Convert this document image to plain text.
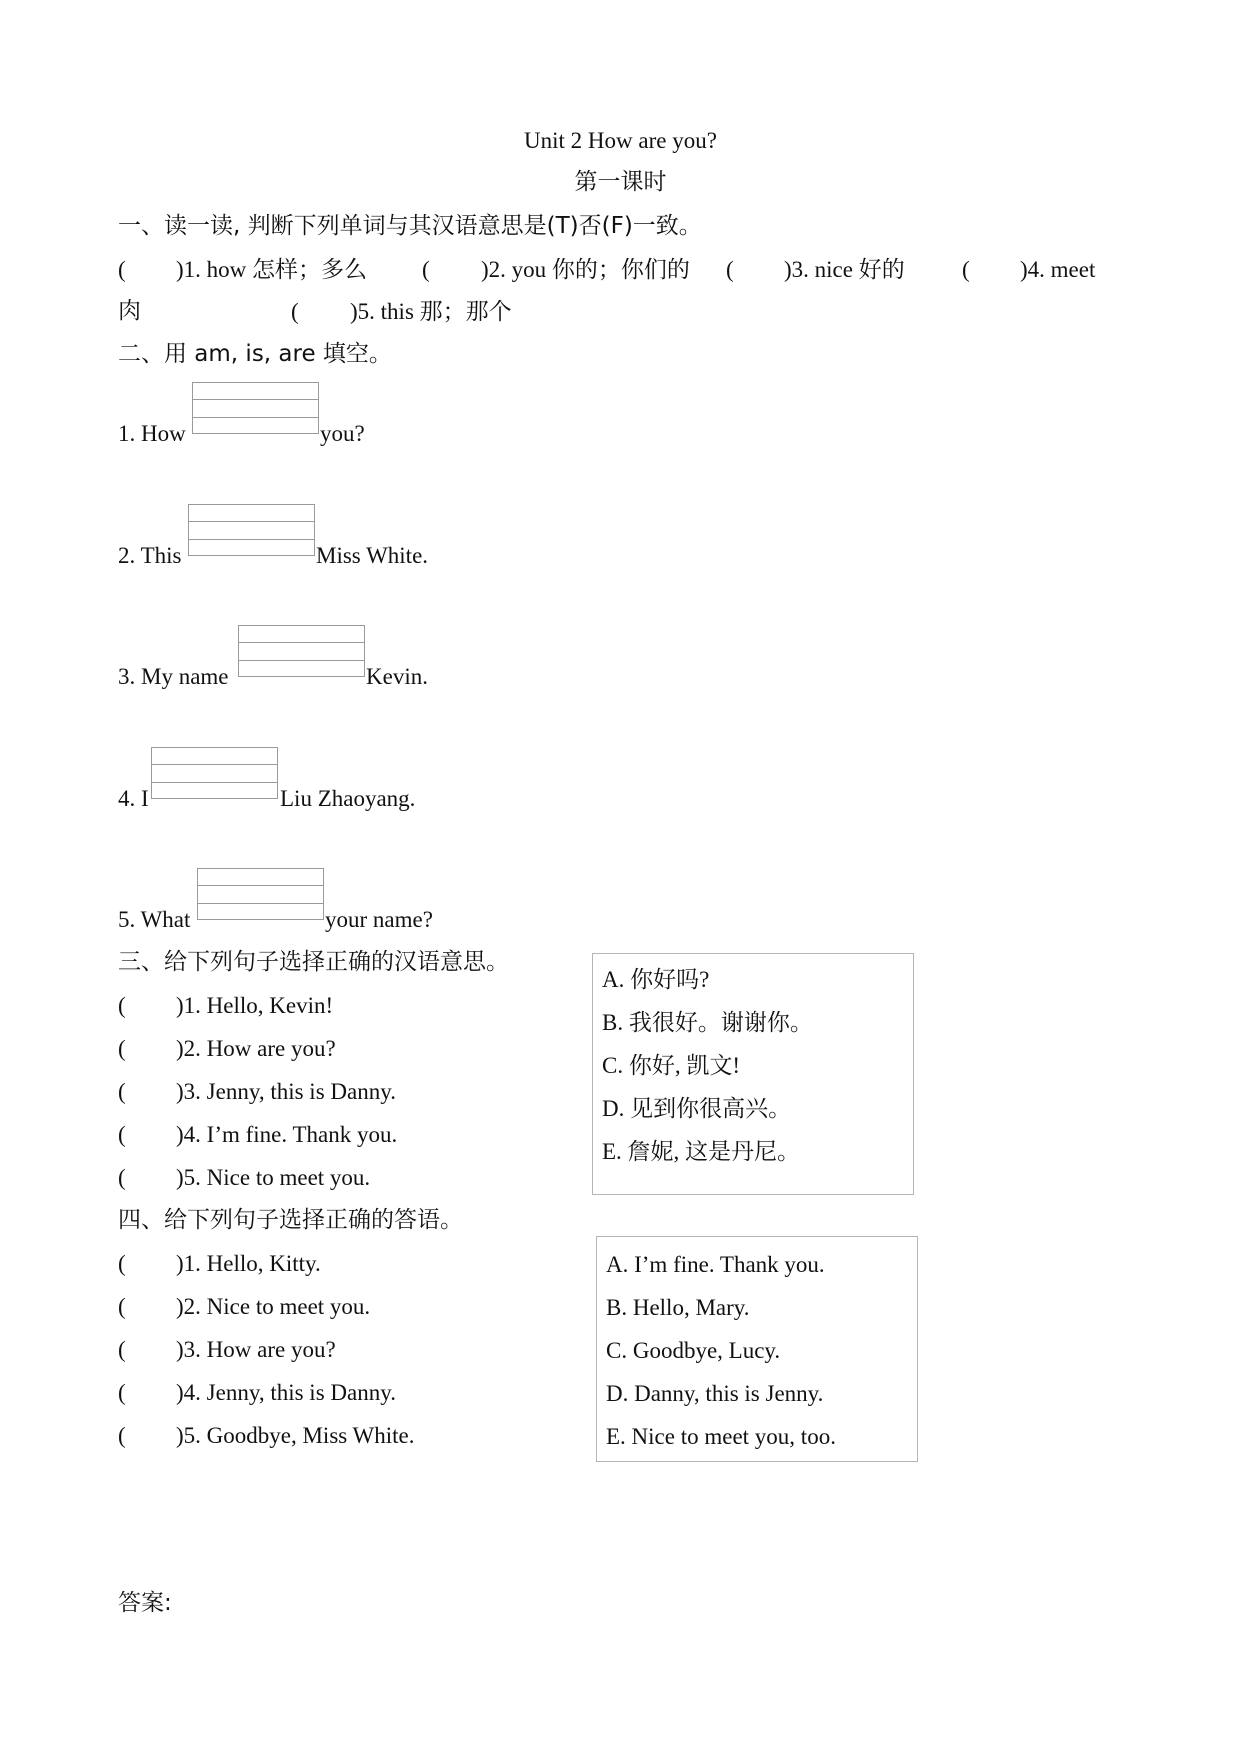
Unit 2 How are you?
第一课时
一、读一读, 判断下列单词与其汉语意思是(T)否(F)一致。
( )1. how 怎样；多么 ( )2. you 你的；你们的 ( )3. nice 好的 ( )4. meet
肉	( )5. this 那；那个
二、用 am, is, are 填空。
1. How	you?
2. This	Miss White.
3. My name	Kevin.
4. I	Liu Zhaoyang.
5. What	your name?
三、给下列句子选择正确的汉语意思。
( )1. Hello, Kevin!
( )2. How are you?
( )3. Jenny, this is Danny.
( )4. I’m fine. Thank you.
( )5. Nice to meet you.
A. 你好吗?
B. 我很好。谢谢你。
C. 你好, 凯文!
D. 见到你很高兴。
E. 詹妮, 这是丹尼。
四、给下列句子选择正确的答语。
( )1. Hello, Kitty.
( )2. Nice to meet you.
( )3. How are you?
( )4. Jenny, this is Danny.
( )5. Goodbye, Miss White.
A. I’m fine. Thank you.
B. Hello, Mary.
C. Goodbye, Lucy.
D. Danny, this is Jenny.
E. Nice to meet you, too.
答案:
